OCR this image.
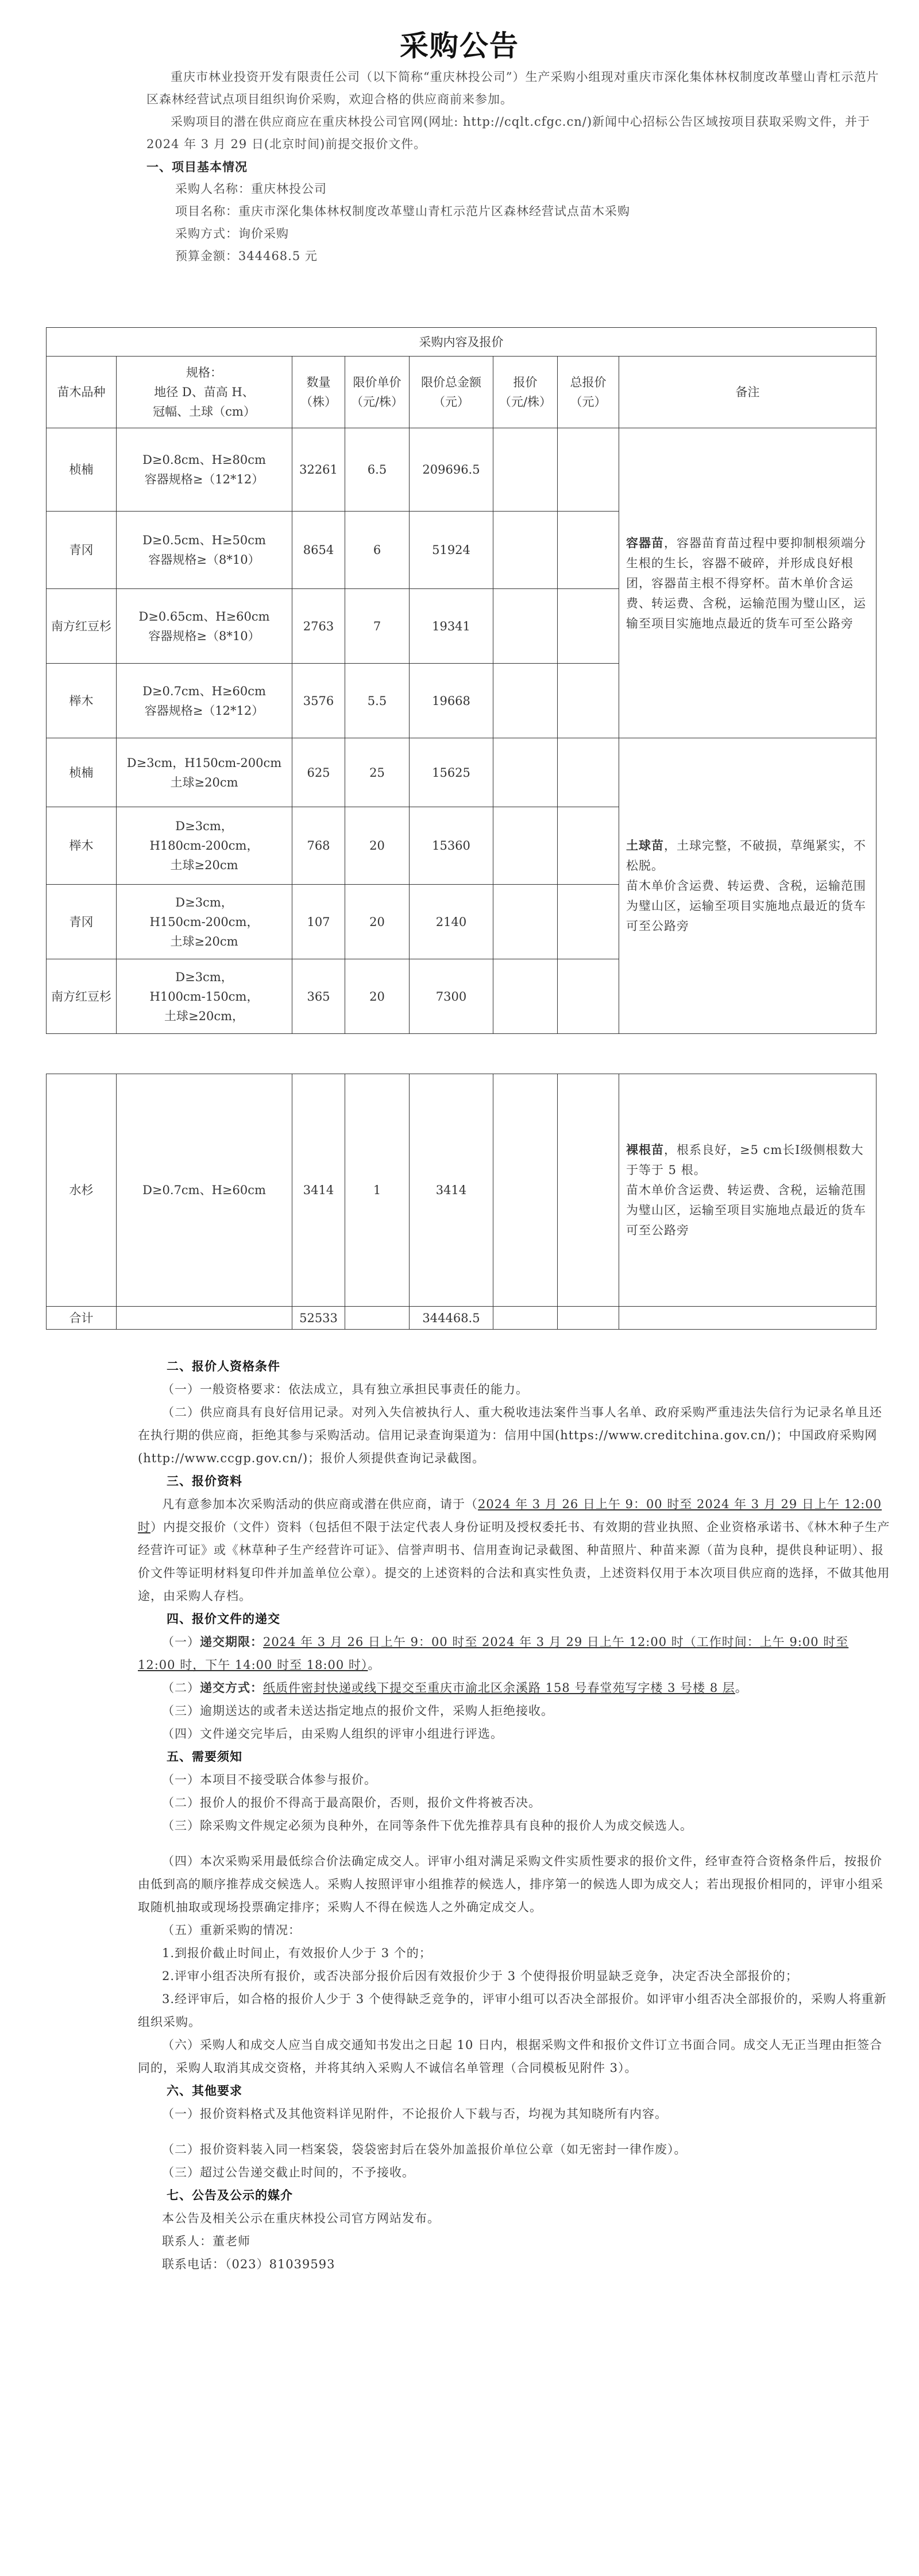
采购公告

重庆市林业投资开发有限责任公司（以下简称“重庆林投公司”）生产采购小组现对重庆市深化集体林权制度改革璧山青杠示范片区森林经营试点项目组织询价采购，欢迎合格的供应商前来参加。

采购项目的潜在供应商应在重庆林投公司官网(网址: http://cqlt.cfgc.cn/)新闻中心招标公告区域按项目获取采购文件，并于 2024 年 3 月 29 日(北京时间)前提交报价文件。

一、项目基本情况

采购人名称：重庆林投公司

项目名称：重庆市深化集体林权制度改革璧山青杠示范片区森林经营试点苗木采购

采购方式：询价采购

预算金额：344468.5 元

采购内容及报价							
苗木品种	规格：
地径 D、苗高 H、
冠幅、土球（cm）	数量
（株）	限价单价
（元/株）	限价总金额
（元）	报价
（元/株）	总报价
（元）	备注
桢楠	D≥0.8cm、H≥80cm
容器规格≥（12*12）	32261	6.5	209696.5			容器苗，容器苗育苗过程中要抑制根须端分生根的生长，容器不破碎，并形成良好根团，容器苗主根不得穿杯。苗木单价含运费、转运费、含税，运输范围为璧山区，运输至项目实施地点最近的货车可至公路旁
青冈	D≥0.5cm、H≥50cm
容器规格≥（8*10）	8654	6	51924			
南方红豆杉	D≥0.65cm、H≥60cm
容器规格≥（8*10）	2763	7	19341			
榉木	D≥0.7cm、H≥60cm
容器规格≥（12*12）	3576	5.5	19668			
桢楠	D≥3cm，H150cm-200cm
土球≥20cm	625	25	15625			土球苗，土球完整，不破损，草绳紧实，不松脱。
苗木单价含运费、转运费、含税，运输范围为璧山区，运输至项目实施地点最近的货车可至公路旁
榉木	D≥3cm，
H180cm-200cm，
土球≥20cm	768	20	15360			
青冈	D≥3cm，
H150cm-200cm，
土球≥20cm	107	20	2140			
南方红豆杉	D≥3cm，
H100cm-150cm，
土球≥20cm，	365	20	7300			
水杉	D≥0.7cm、H≥60cm	3414	1	3414			裸根苗，根系良好，≥5 cm长Ⅰ级侧根数大于等于 5 根。
苗木单价含运费、转运费、含税，运输范围为璧山区，运输至项目实施地点最近的货车可至公路旁
合计		52533		344468.5			

二、报价人资格条件

（一）一般资格要求：依法成立，具有独立承担民事责任的能力。

（二）供应商具有良好信用记录。对列入失信被执行人、重大税收违法案件当事人名单、政府采购严重违法失信行为记录名单且还在执行期的供应商，拒绝其参与采购活动。信用记录查询渠道为：信用中国(https://www.creditchina.gov.cn/)；中国政府采购网(http://www.ccgp.gov.cn/)；报价人须提供查询记录截图。

三、报价资料

凡有意参加本次采购活动的供应商或潜在供应商，请于（2024 年 3 月 26 日上午 9：00 时至 2024 年 3 月 29 日上午 12:00 时）内提交报价（文件）资料（包括但不限于法定代表人身份证明及授权委托书、有效期的营业执照、企业资格承诺书、《林木种子生产经营许可证》或《林草种子生产经营许可证》、信誉声明书、信用查询记录截图、种苗照片、种苗来源（苗为良种，提供良种证明）、报价文件等证明材料复印件并加盖单位公章）。提交的上述资料的合法和真实性负责，上述资料仅用于本次项目供应商的选择，不做其他用途，由采购人存档。

四、报价文件的递交

（一）递交期限：2024 年 3 月 26 日上午 9：00 时至 2024 年 3 月 29 日上午 12:00 时（工作时间：上午 9:00 时至 12:00 时，下午 14:00 时至 18:00 时）。

（二）递交方式：纸质件密封快递或线下提交至重庆市渝北区余溪路 158 号春堂苑写字楼 3 号楼 8 层。

（三）逾期送达的或者未送达指定地点的报价文件，采购人拒绝接收。

（四）文件递交完毕后，由采购人组织的评审小组进行评选。

五、需要须知

（一）本项目不接受联合体参与报价。

（二）报价人的报价不得高于最高限价，否则，报价文件将被否决。

（三）除采购文件规定必须为良种外，在同等条件下优先推荐具有良种的报价人为成交候选人。

（四）本次采购采用最低综合价法确定成交人。评审小组对满足采购文件实质性要求的报价文件，经审查符合资格条件后，按报价由低到高的顺序推荐成交候选人。采购人按照评审小组推荐的候选人，排序第一的候选人即为成交人；若出现报价相同的，评审小组采取随机抽取或现场投票确定排序；采购人不得在候选人之外确定成交人。

（五）重新采购的情况：

1.到报价截止时间止，有效报价人少于 3 个的；

2.评审小组否决所有报价，或否决部分报价后因有效报价少于 3 个使得报价明显缺乏竞争，决定否决全部报价的；

3.经评审后，如合格的报价人少于 3 个使得缺乏竞争的，评审小组可以否决全部报价。如评审小组否决全部报价的，采购人将重新组织采购。

（六）采购人和成交人应当自成交通知书发出之日起 10 日内，根据采购文件和报价文件订立书面合同。成交人无正当理由拒签合同的，采购人取消其成交资格，并将其纳入采购人不诚信名单管理（合同模板见附件 3）。

六、其他要求

（一）报价资料格式及其他资料详见附件，不论报价人下载与否，均视为其知晓所有内容。

（二）报价资料装入同一档案袋，袋袋密封后在袋外加盖报价单位公章（如无密封一律作废）。

（三）超过公告递交截止时间的，不予接收。

七、公告及公示的媒介

本公告及相关公示在重庆林投公司官方网站发布。

联系人：董老师

联系电话：（023）81039593
